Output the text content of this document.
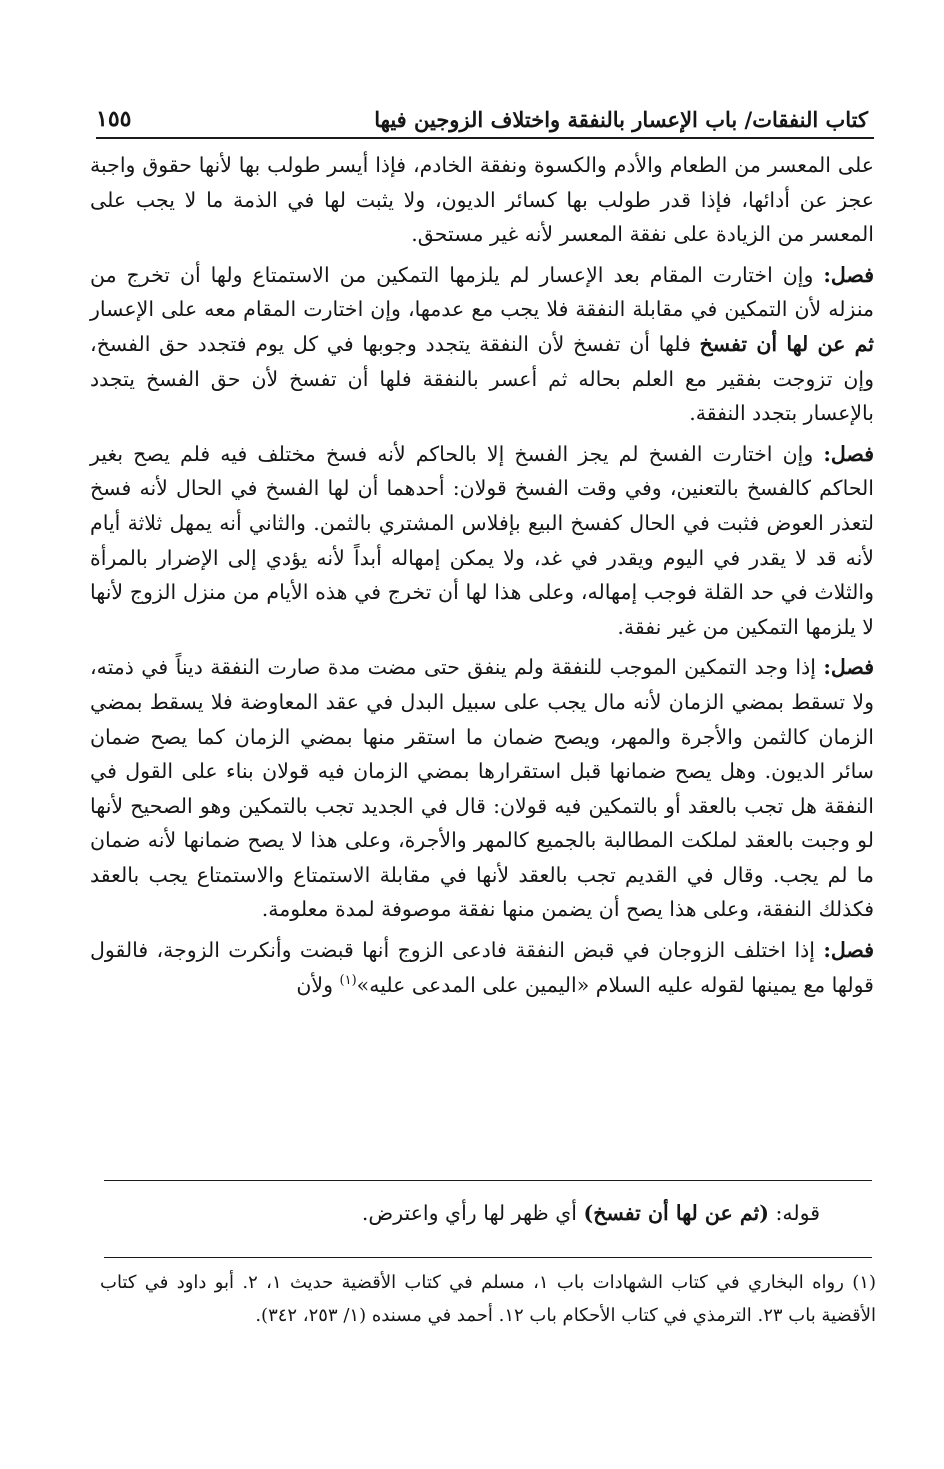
كتاب النفقات/ باب الإعسار بالنفقة واختلاف الزوجين فيها
١٥٥

على المعسر من الطعام والأدم والكسوة ونفقة الخادم، فإذا أيسر طولب بها لأنها حقوق واجبة عجز عن أدائها، فإذا قدر طولب بها كسائر الديون، ولا يثبت لها في الذمة ما لا يجب على المعسر من الزيادة على نفقة المعسر لأنه غير مستحق.

فصل: وإن اختارت المقام بعد الإعسار لم يلزمها التمكين من الاستمتاع ولها أن تخرج من منزله لأن التمكين في مقابلة النفقة فلا يجب مع عدمها، وإن اختارت المقام معه على الإعسار ثم عن لها أن تفسخ فلها أن تفسخ لأن النفقة يتجدد وجوبها في كل يوم فتجدد حق الفسخ، وإن تزوجت بفقير مع العلم بحاله ثم أعسر بالنفقة فلها أن تفسخ لأن حق الفسخ يتجدد بالإعسار بتجدد النفقة.

فصل: وإن اختارت الفسخ لم يجز الفسخ إلا بالحاكم لأنه فسخ مختلف فيه فلم يصح بغير الحاكم كالفسخ بالتعنين، وفي وقت الفسخ قولان: أحدهما أن لها الفسخ في الحال لأنه فسخ لتعذر العوض فثبت في الحال كفسخ البيع بإفلاس المشتري بالثمن. والثاني أنه يمهل ثلاثة أيام لأنه قد لا يقدر في اليوم ويقدر في غد، ولا يمكن إمهاله أبداً لأنه يؤدي إلى الإضرار بالمرأة والثلاث في حد القلة فوجب إمهاله، وعلى هذا لها أن تخرج في هذه الأيام من منزل الزوج لأنها لا يلزمها التمكين من غير نفقة.

فصل: إذا وجد التمكين الموجب للنفقة ولم ينفق حتى مضت مدة صارت النفقة ديناً في ذمته، ولا تسقط بمضي الزمان لأنه مال يجب على سبيل البدل في عقد المعاوضة فلا يسقط بمضي الزمان كالثمن والأجرة والمهر، ويصح ضمان ما استقر منها بمضي الزمان كما يصح ضمان سائر الديون. وهل يصح ضمانها قبل استقرارها بمضي الزمان فيه قولان بناء على القول في النفقة هل تجب بالعقد أو بالتمكين فيه قولان: قال في الجديد تجب بالتمكين وهو الصحيح لأنها لو وجبت بالعقد لملكت المطالبة بالجميع كالمهر والأجرة، وعلى هذا لا يصح ضمانها لأنه ضمان ما لم يجب. وقال في القديم تجب بالعقد لأنها في مقابلة الاستمتاع والاستمتاع يجب بالعقد فكذلك النفقة، وعلى هذا يصح أن يضمن منها نفقة موصوفة لمدة معلومة.

فصل: إذا اختلف الزوجان في قبض النفقة فادعى الزوج أنها قبضت وأنكرت الزوجة، فالقول قولها مع يمينها لقوله عليه السلام «اليمين على المدعى عليه»$^{(١)}$ ولأن

قوله: (ثم عن لها أن تفسخ) أي ظهر لها رأي واعترض.
(١) رواه البخاري في كتاب الشهادات باب ١، مسلم في كتاب الأقضية حديث ١، ٢. أبو داود في كتاب الأقضية باب ٢٣. الترمذي في كتاب الأحكام باب ١٢. أحمد في مسنده (١/ ٢٥٣، ٣٤٢).
